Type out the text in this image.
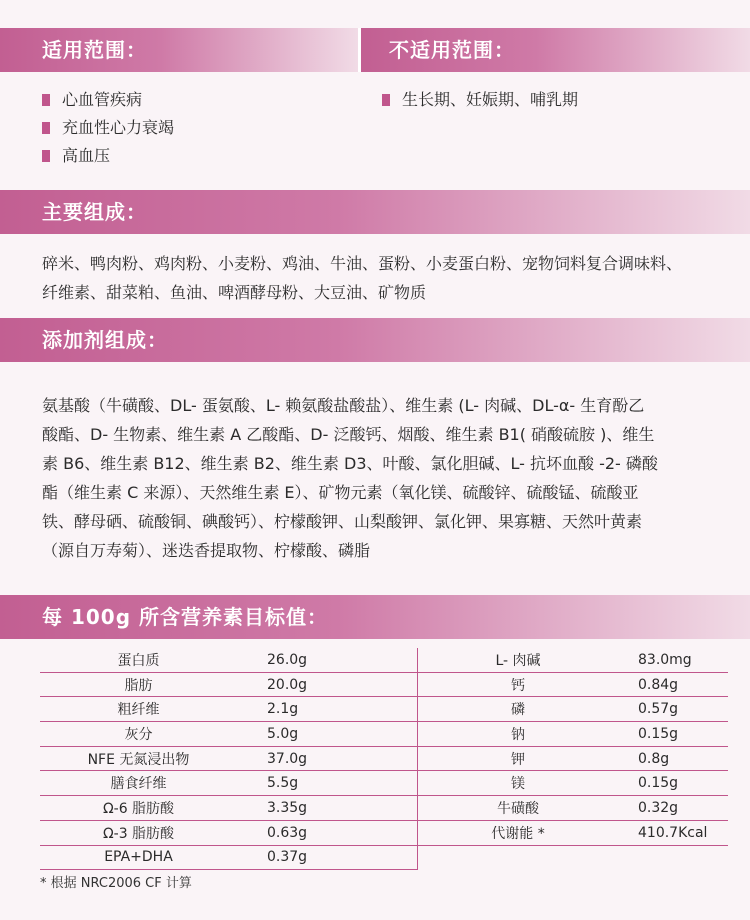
适用范围：	不适用范围：
心血管疾病
充血性心力衰竭
高血压
生长期、妊娠期、哺乳期
主要组成：
碎米、鸭肉粉、鸡肉粉、小麦粉、鸡油、牛油、蛋粉、小麦蛋白粉、宠物饲料复合调味料、
纤维素、甜菜粕、鱼油、啤酒酵母粉、大豆油、矿物质
添加剂组成：
氨基酸（牛磺酸、DL- 蛋氨酸、L- 赖氨酸盐酸盐）、维生素 (L- 肉碱、DL-α- 生育酚乙
酸酯、D- 生物素、维生素 A 乙酸酯、D- 泛酸钙、烟酸、维生素 B1( 硝酸硫胺 )、维生
素 B6、维生素 B12、维生素 B2、维生素 D3、叶酸、氯化胆碱、L- 抗坏血酸 -2- 磷酸
酯（维生素 C 来源）、天然维生素 E）、矿物元素（氧化镁、硫酸锌、硫酸锰、硫酸亚
铁、酵母硒、硫酸铜、碘酸钙）、柠檬酸钾、山梨酸钾、氯化钾、果寡糖、天然叶黄素
（源自万寿菊）、迷迭香提取物、柠檬酸、磷脂
每 100g 所含营养素目标值：
蛋白质	26.0g	L- 肉碱	83.0mg
脂肪	20.0g	钙	0.84g
粗纤维	2.1g	磷	0.57g
灰分	5.0g	钠	0.15g
NFE 无氮浸出物	37.0g	钾	0.8g
膳食纤维	5.5g	镁	0.15g
Ω-6 脂肪酸	3.35g	牛磺酸	0.32g
Ω-3 脂肪酸	0.63g	代谢能 *	410.7Kcal
EPA+DHA	0.37g		
* 根据 NRC2006 CF 计算
